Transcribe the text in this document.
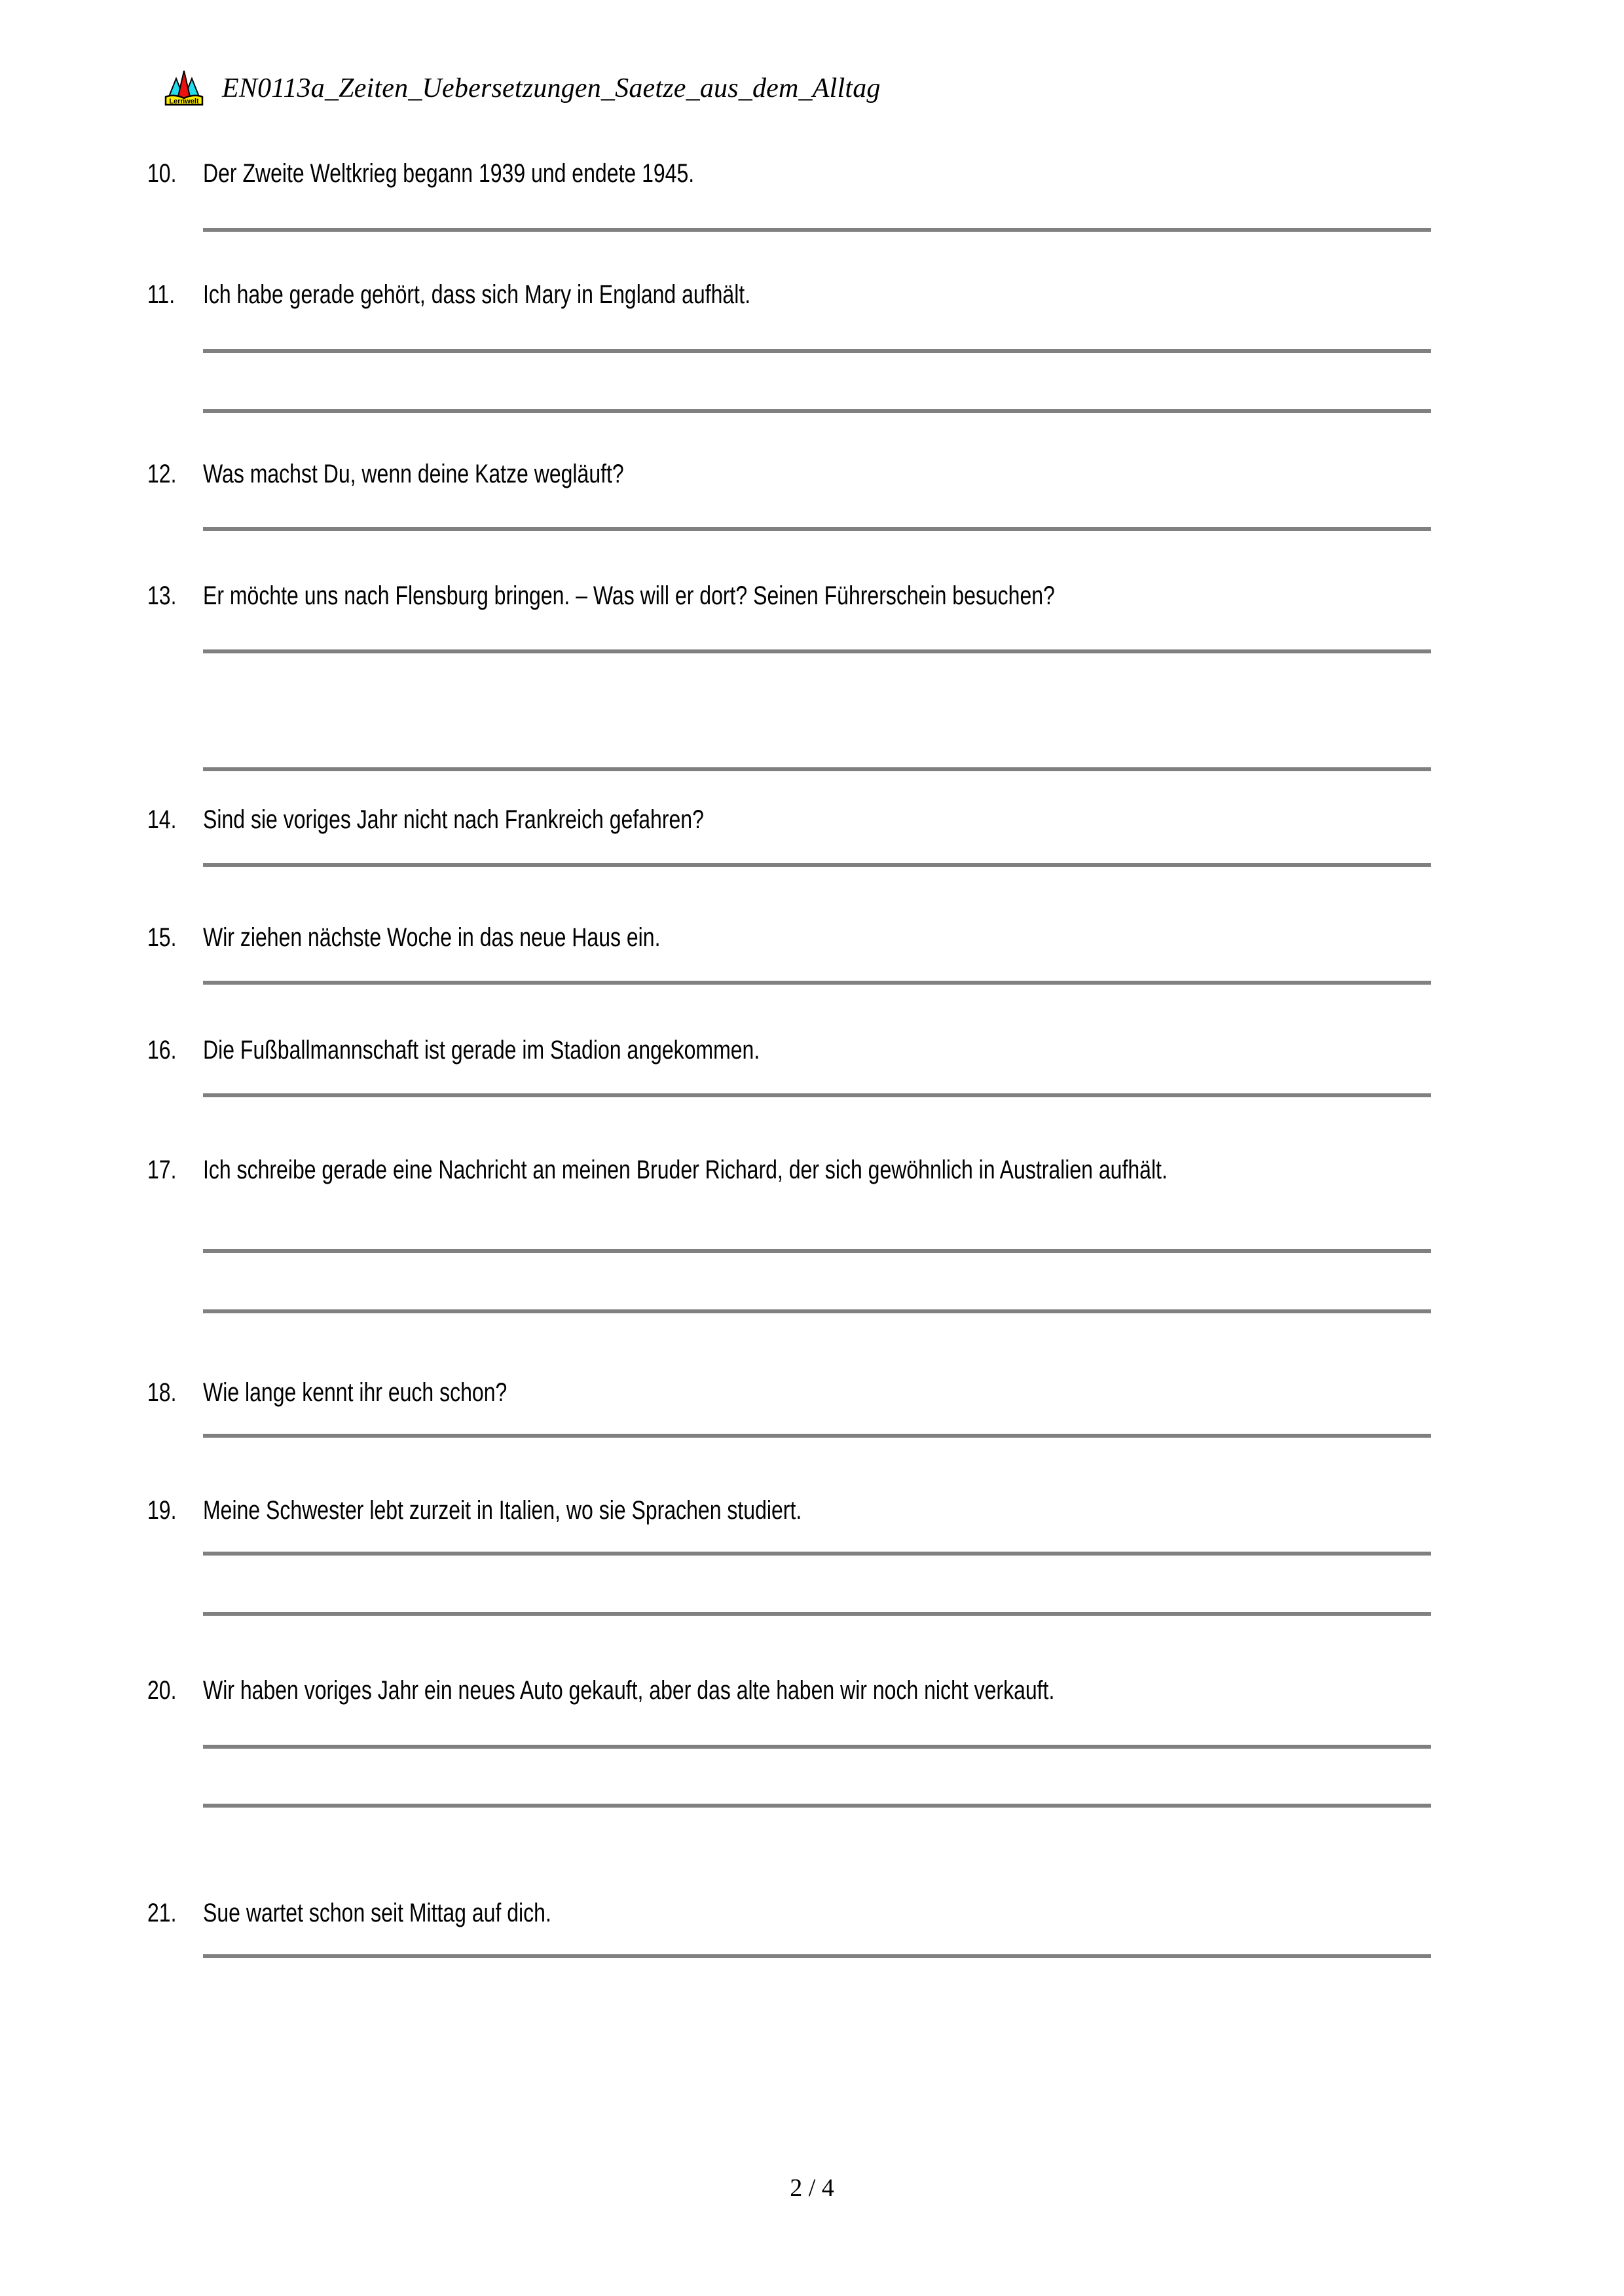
Lernwelt EN0113a_Zeiten_Uebersetzungen_Saetze_aus_dem_Alltag
10.	Der Zweite Weltkrieg begann 1939 und endete 1945.
11.	Ich habe gerade gehört, dass sich Mary in England aufhält.
12.	Was machst Du, wenn deine Katze wegläuft?
13.	Er möchte uns nach Flensburg bringen. – Was will er dort? Seinen Führerschein besuchen?
14.	Sind sie voriges Jahr nicht nach Frankreich gefahren?
15.	Wir ziehen nächste Woche in das neue Haus ein.
16.	Die Fußballmannschaft ist gerade im Stadion angekommen.
17.	Ich schreibe gerade eine Nachricht an meinen Bruder Richard, der sich gewöhnlich in Australien aufhält.
18.	Wie lange kennt ihr euch schon?
19.	Meine Schwester lebt zurzeit in Italien, wo sie Sprachen studiert.
20.	Wir haben voriges Jahr ein neues Auto gekauft, aber das alte haben wir noch nicht verkauft.
21.	Sue wartet schon seit Mittag auf dich.
2 / 4
